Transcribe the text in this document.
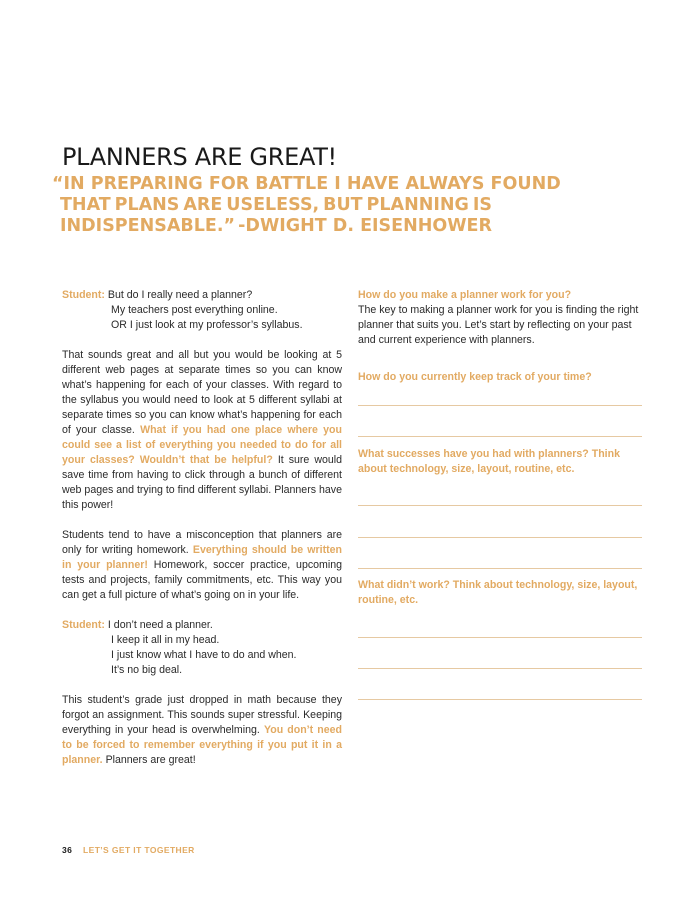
PLANNERS ARE GREAT!
“IN PREPARING FOR BATTLE I HAVE ALWAYS FOUND
THAT PLANS ARE USELESS, BUT PLANNING IS
INDISPENSABLE.” -DWIGHT D. EISENHOWER
Student: But do I really need a planner?
My teachers post everything online.
OR I just look at my professor’s syllabus.

That sounds great and all but you would be looking at 5 different web pages at separate times so you can know what’s happening for each of your classes. With regard to the syllabus you would need to look at 5 different syllabi at separate times so you can know what’s happening for each of your classe. What if you had one place where you could see a list of everything you needed to do for all your classes? Wouldn’t that be helpful? It sure would save time from having to click through a bunch of different web pages and trying to find different syllabi. Planners have this power!

Students tend to have a misconception that planners are only for writing homework. Everything should be written in your planner! Homework, soccer practice, upcoming tests and projects, family commitments, etc. This way you can get a full picture of what’s going on in your life.

Student: I don’t need a planner.
I keep it all in my head.
I just know what I have to do and when.
It’s no big deal.

This student’s grade just dropped in math because they forgot an assignment. This sounds super stressful. Keeping everything in your head is overwhelming. You don’t need to be forced to remember everything if you put it in a planner. Planners are great!

How do you make a planner work for you?

The key to making a planner work for you is finding the right planner that suits you. Let’s start by reflecting on your past and current experience with planners.

How do you currently keep track of your time?
What successes have you had with planners? Think about technology, size, layout, routine, etc.
What didn’t work? Think about technology, size, layout, routine, etc.
36 LET’S GET IT TOGETHER
